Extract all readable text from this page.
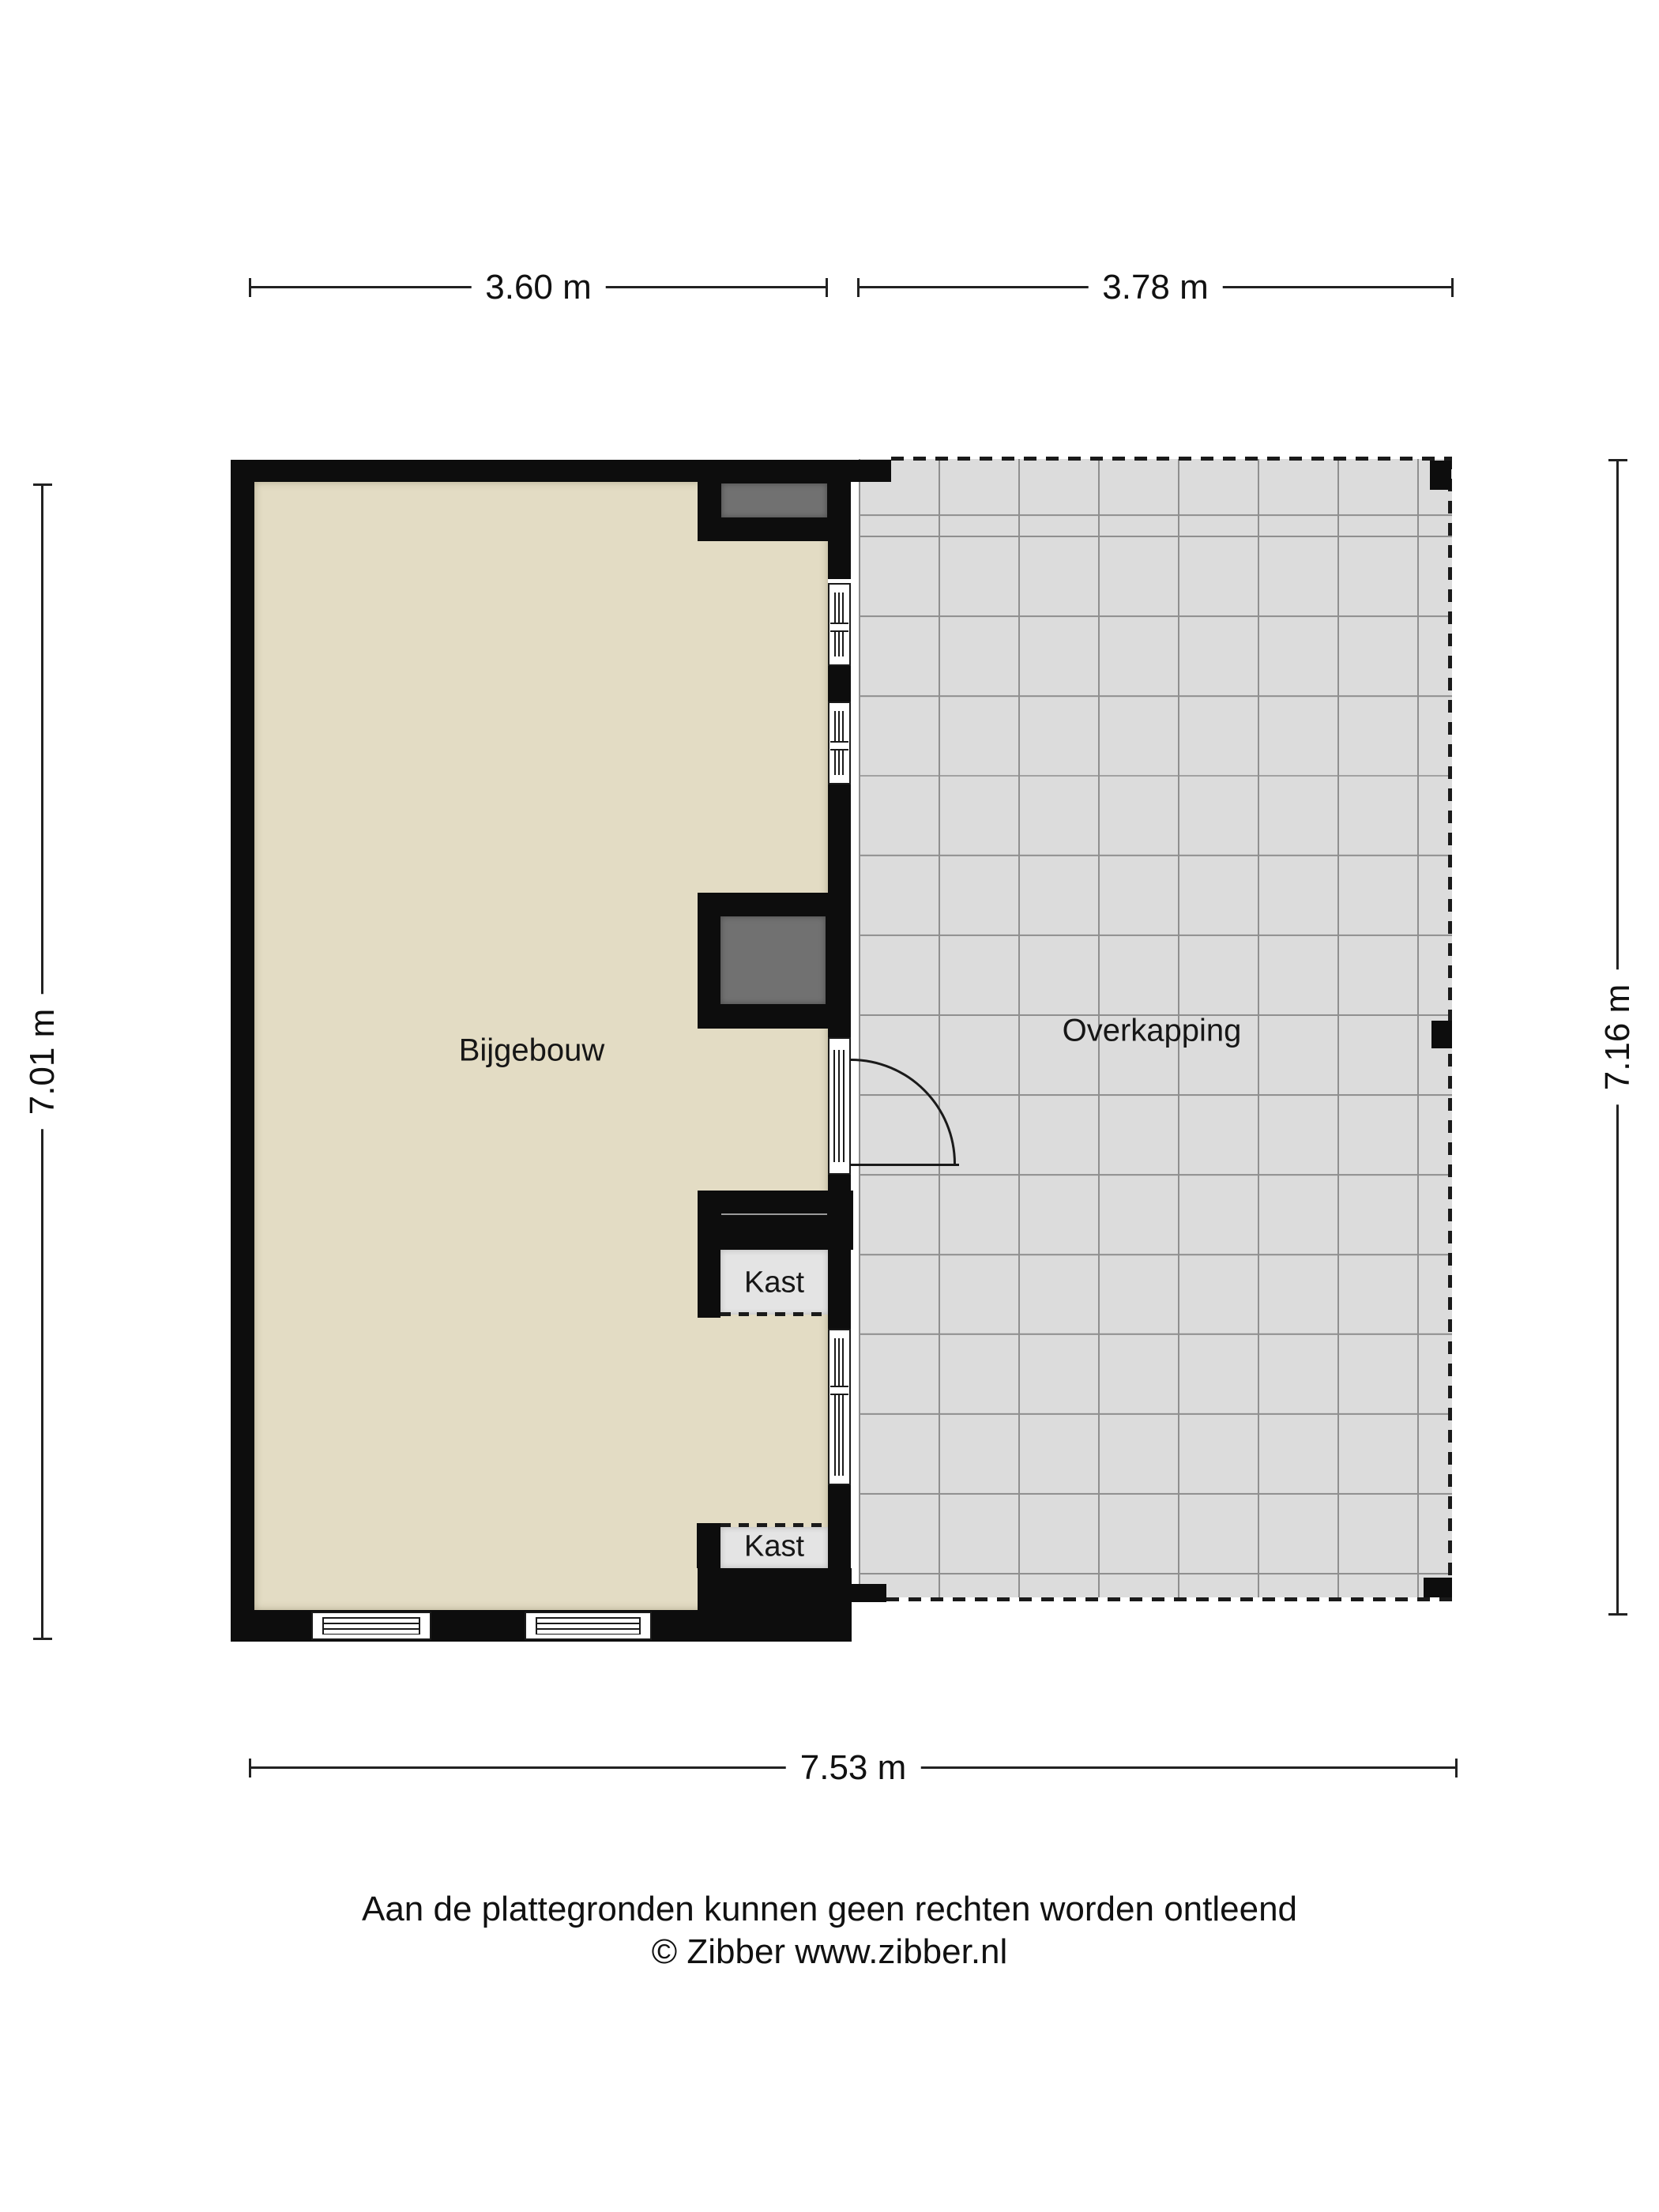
Bijgebouw
Overkapping
Kast
Kast
3.60 m	3.78 m
7.53 m
7.01 m	7.16 m
Aan de plattegronden kunnen geen rechten worden ontleend
© Zibber www.zibber.nl
